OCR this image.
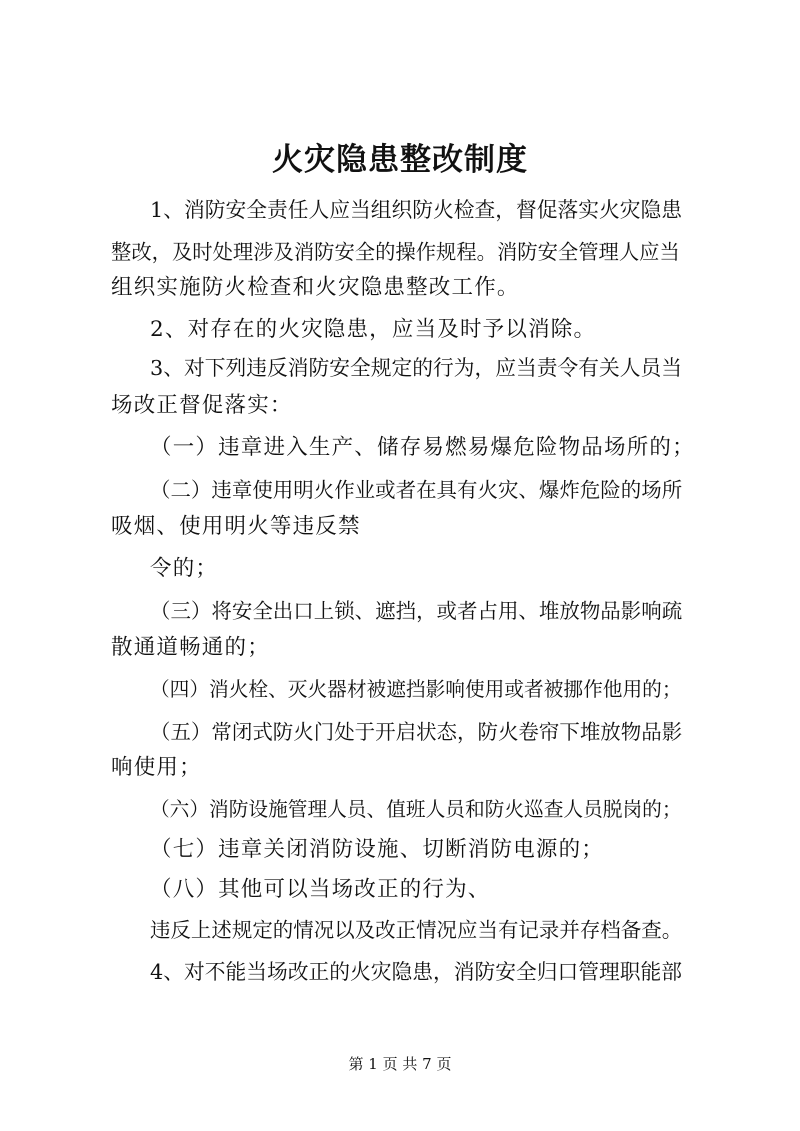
火灾隐患整改制度
1、消防安全责任人应当组织防火检查，督促落实火灾隐患
整改，及时处理涉及消防安全的操作规程。消防安全管理人应当
组织实施防火检查和火灾隐患整改工作。
2、对存在的火灾隐患，应当及时予以消除。
3、对下列违反消防安全规定的行为，应当责令有关人员当
场改正督促落实：
（一）违章进入生产、储存易燃易爆危险物品场所的；
（二）违章使用明火作业或者在具有火灾、爆炸危险的场所
吸烟、使用明火等违反禁
令的；
（三）将安全出口上锁、遮挡，或者占用、堆放物品影响疏
散通道畅通的；
（四）消火栓、灭火器材被遮挡影响使用或者被挪作他用的；
（五）常闭式防火门处于开启状态，防火卷帘下堆放物品影
响使用；
（六）消防设施管理人员、值班人员和防火巡查人员脱岗的；
（七）违章关闭消防设施、切断消防电源的；
（八）其他可以当场改正的行为、
违反上述规定的情况以及改正情况应当有记录并存档备查。
4、对不能当场改正的火灾隐患，消防安全归口管理职能部
第 1 页 共 7 页
